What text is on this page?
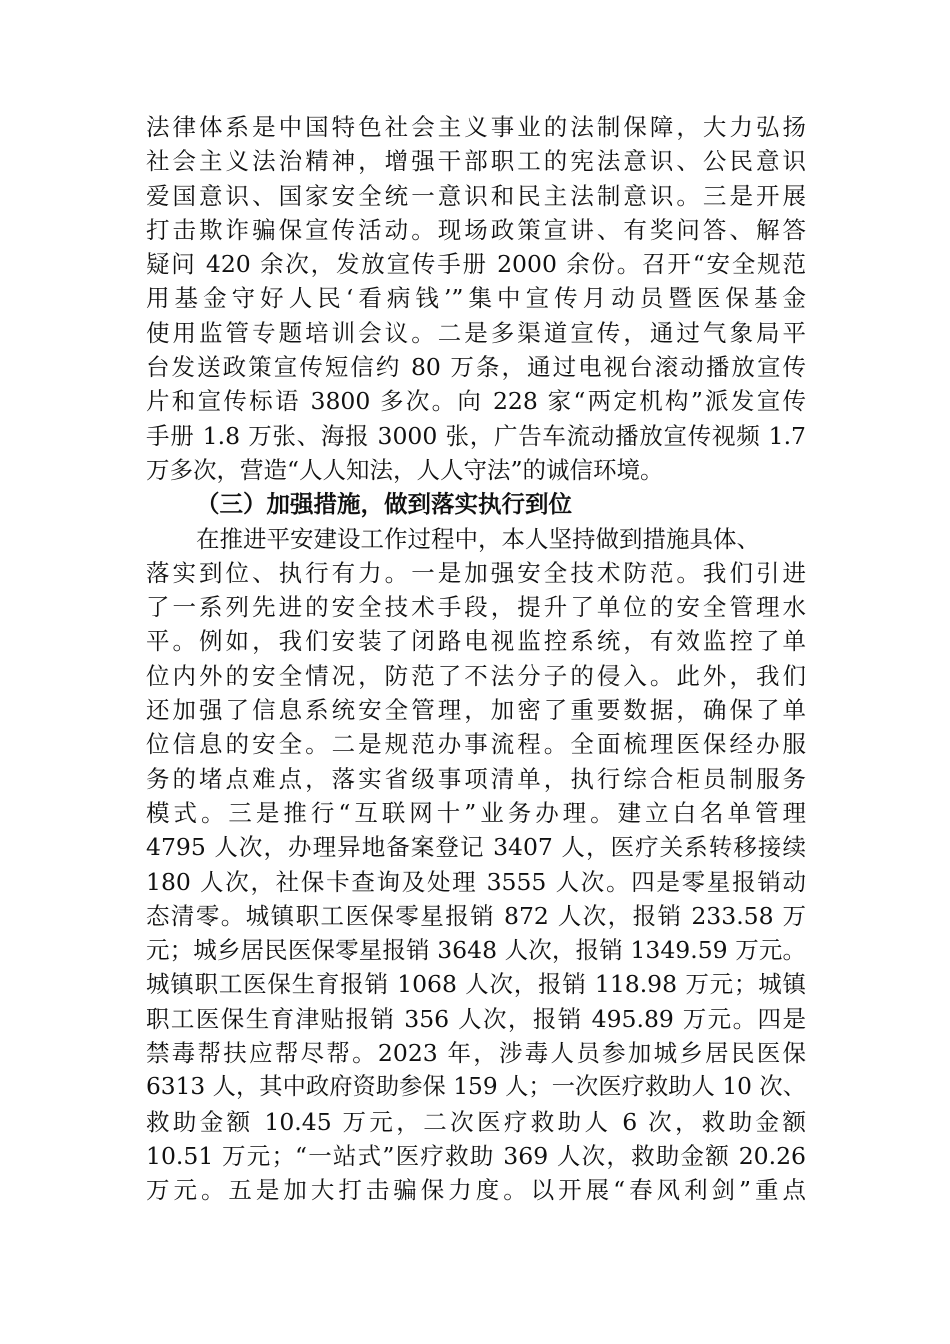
法律体系是中国特色社会主义事业的法制保障，大力弘扬
社会主义法治精神，增强干部职工的宪法意识、公民意识
爱国意识、国家安全统一意识和民主法制意识。三是开展
打击欺诈骗保宣传活动。现场政策宣讲、有奖问答、解答
疑问 420 余次，发放宣传手册 2000 余份。召开“安全规范
用基金守好人民‘看病钱’”集中宣传月动员暨医保基金
使用监管专题培训会议。二是多渠道宣传，通过气象局平
台发送政策宣传短信约 80 万条，通过电视台滚动播放宣传
片和宣传标语 3800 多次。向 228 家“两定机构”派发宣传
手册 1.8 万张、海报 3000 张，广告车流动播放宣传视频 1.7
万多次，营造“人人知法，人人守法”的诚信环境。
（三）加强措施，做到落实执行到位
在推进平安建设工作过程中，本人坚持做到措施具体、
落实到位、执行有力。一是加强安全技术防范。我们引进
了一系列先进的安全技术手段，提升了单位的安全管理水
平。例如，我们安装了闭路电视监控系统，有效监控了单
位内外的安全情况，防范了不法分子的侵入。此外，我们
还加强了信息系统安全管理，加密了重要数据，确保了单
位信息的安全。二是规范办事流程。全面梳理医保经办服
务的堵点难点，落实省级事项清单，执行综合柜员制服务
模式。三是推行“互联网十”业务办理。建立白名单管理
4795 人次，办理异地备案登记 3407 人，医疗关系转移接续
180 人次，社保卡查询及处理 3555 人次。四是零星报销动
态清零。城镇职工医保零星报销 872 人次，报销 233.58 万
元；城乡居民医保零星报销 3648 人次，报销 1349.59 万元。
城镇职工医保生育报销 1068 人次，报销 118.98 万元；城镇
职工医保生育津贴报销 356 人次，报销 495.89 万元。四是
禁毒帮扶应帮尽帮。2023 年，涉毒人员参加城乡居民医保
6313 人，其中政府资助参保 159 人；一次医疗救助人 10 次、
救助金额 10.45 万元，二次医疗救助人 6 次，救助金额
10.51 万元；“一站式”医疗救助 369 人次，救助金额 20.26
万元。五是加大打击骗保力度。以开展“春风利剑”重点
